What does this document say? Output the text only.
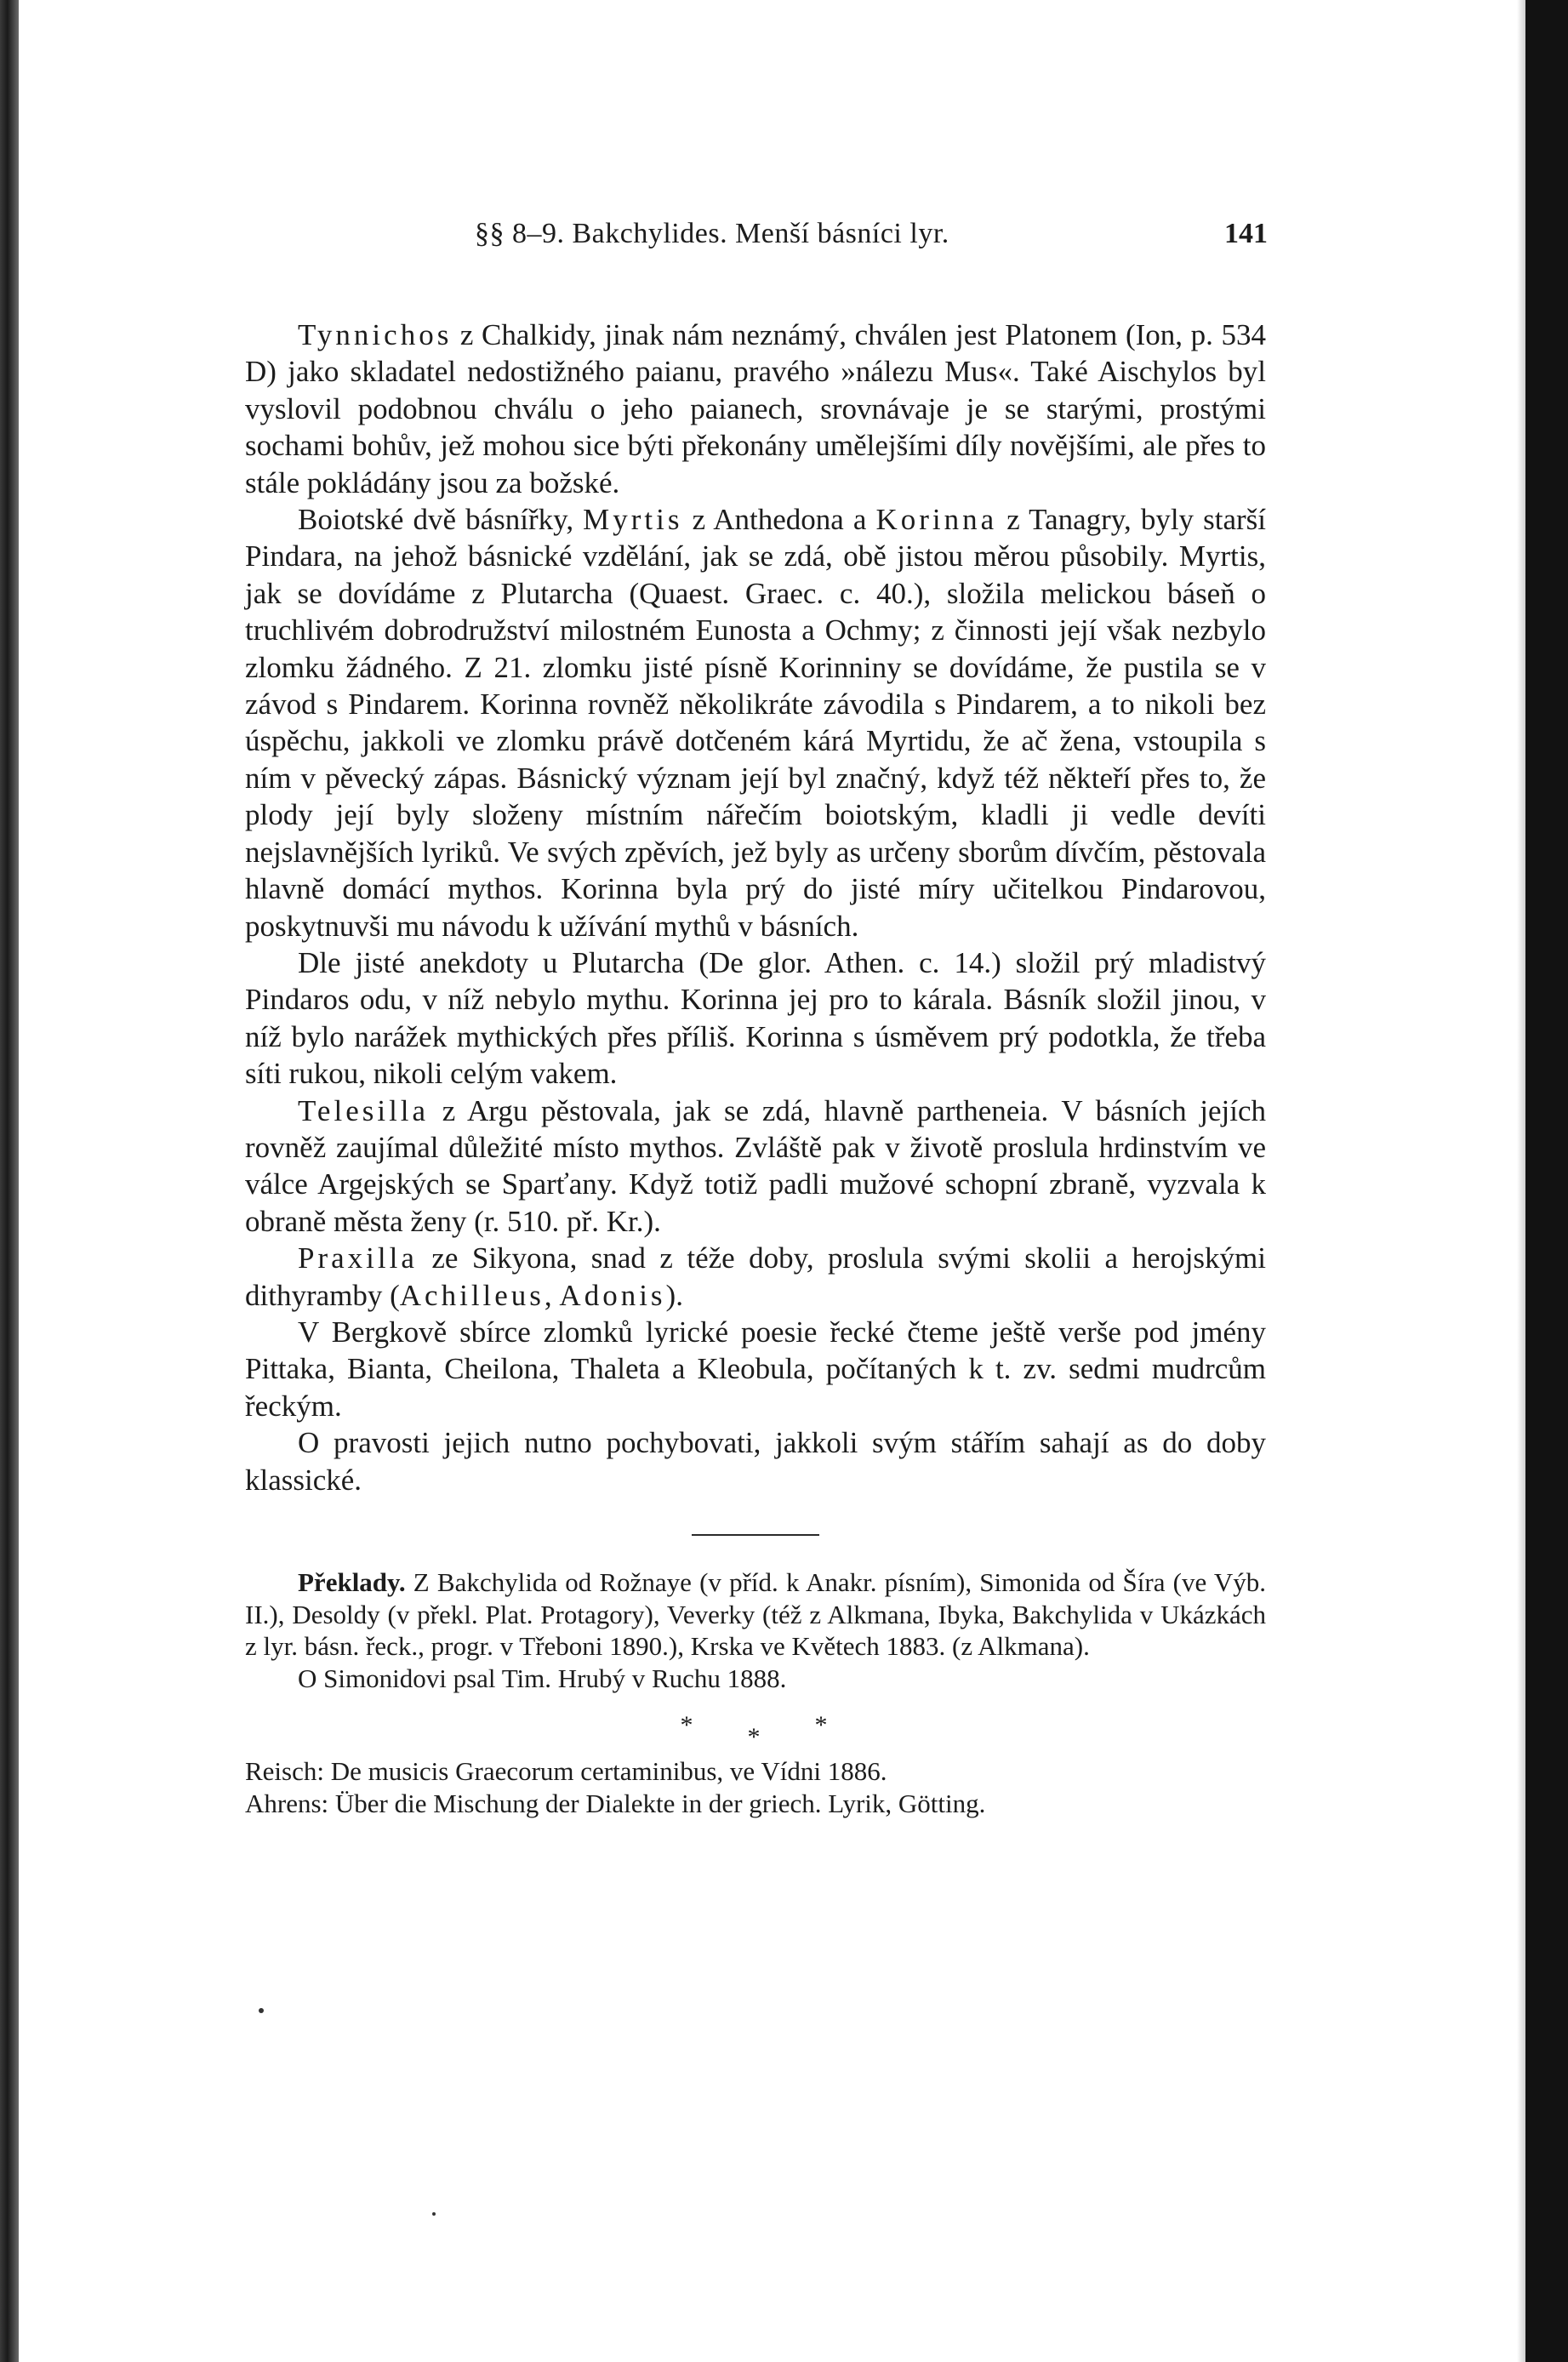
§§ 8–9. Bakchylides. Menší básníci lyr.	141

Tynnichos z Chalkidy, jinak nám neznámý, chválen jest Platonem (Ion, p. 534 D) jako skladatel nedostižného paianu, pravého »nálezu Mus«. Také Aischylos byl vyslovil podobnou chválu o jeho paianech, srovnávaje je se starými, prostými sochami bohův, jež mohou sice býti překonány umělejšími díly novějšími, ale přes to stále pokládány jsou za božské.

Boiotské dvě básnířky, Myrtis z Anthedona a Korinna z Tanagry, byly starší Pindara, na jehož básnické vzdělání, jak se zdá, obě jistou měrou působily. Myrtis, jak se dovídáme z Plutarcha (Quaest. Graec. c. 40.), složila melickou báseň o truchlivém dobrodružství milostném Eunosta a Ochmy; z činnosti její však nezbylo zlomku žádného. Z 21. zlomku jisté písně Korinniny se dovídáme, že pustila se v závod s Pindarem. Korinna rovněž několikráte závodila s Pindarem, a to nikoli bez úspěchu, jakkoli ve zlomku právě dotčeném kárá Myrtidu, že ač žena, vstoupila s ním v pěvecký zápas. Básnický význam její byl značný, když též někteří přes to, že plody její byly složeny místním nářečím boiotským, kladli ji vedle devíti nejslavnějších lyriků. Ve svých zpěvích, jež byly as určeny sborům dívčím, pěstovala hlavně domácí mythos. Korinna byla prý do jisté míry učitelkou Pindarovou, poskytnuvši mu návodu k užívání mythů v básních.

Dle jisté anekdoty u Plutarcha (De glor. Athen. c. 14.) složil prý mladistvý Pindaros odu, v níž nebylo mythu. Korinna jej pro to kárala. Básník složil jinou, v níž bylo narážek mythických přes příliš. Korinna s úsměvem prý podotkla, že třeba síti rukou, nikoli celým vakem.

Telesilla z Argu pěstovala, jak se zdá, hlavně partheneia. V básních jejích rovněž zaujímal důležité místo mythos. Zvláště pak v životě proslula hrdinstvím ve válce Argejských se Sparťany. Když totiž padli mužové schopní zbraně, vyzvala k obraně města ženy (r. 510. př. Kr.).

Praxilla ze Sikyona, snad z téže doby, proslula svými skolii a herojskými dithyramby (Achilleus, Adonis).

V Bergkově sbírce zlomků lyrické poesie řecké čteme ještě verše pod jmény Pittaka, Bianta, Cheilona, Thaleta a Kleobula, počítaných k t. zv. sedmi mudrcům řeckým.

O pravosti jejich nutno pochybovati, jakkoli svým stářím sahají as do doby klassické.

Překlady. Z Bakchylida od Rožnaye (v příd. k Anakr. písním), Simonida od Šíra (ve Výb. II.), Desoldy (v překl. Plat. Protagory), Veverky (též z Alkmana, Ibyka, Bakchylida v Ukázkách z lyr. básn. řeck., progr. v Třeboni 1890.), Krska ve Květech 1883. (z Alkmana).

O Simonidovi psal Tim. Hrubý v Ruchu 1888.

***

Reisch: De musicis Graecorum certaminibus, ve Vídni 1886.

Ahrens: Über die Mischung der Dialekte in der griech. Lyrik, Götting.
